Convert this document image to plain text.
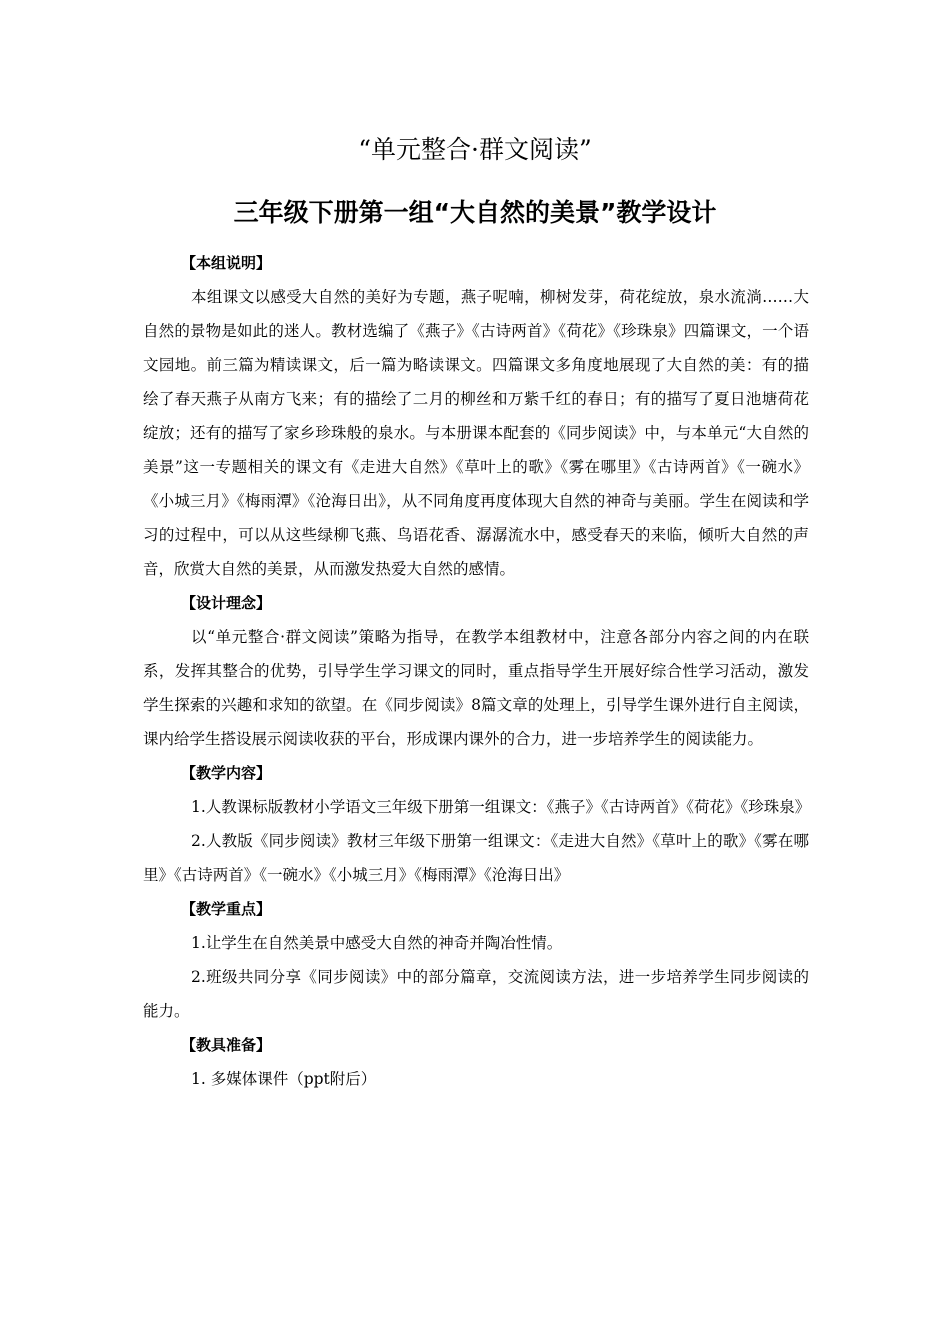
“单元整合·群文阅读”
三年级下册第一组“大自然的美景”教学设计

【本组说明】

本组课文以感受大自然的美好为专题，燕子呢喃，柳树发芽，荷花绽放，泉水流淌……大自然的景物是如此的迷人。教材选编了《燕子》《古诗两首》《荷花》《珍珠泉》四篇课文，一个语文园地。前三篇为精读课文，后一篇为略读课文。四篇课文多角度地展现了大自然的美：有的描绘了春天燕子从南方飞来；有的描绘了二月的柳丝和万紫千红的春日；有的描写了夏日池塘荷花绽放；还有的描写了家乡珍珠般的泉水。与本册课本配套的《同步阅读》中，与本单元“大自然的美景”这一专题相关的课文有《走进大自然》《草叶上的歌》《雾在哪里》《古诗两首》《一碗水》《小城三月》《梅雨潭》《沧海日出》，从不同角度再度体现大自然的神奇与美丽。学生在阅读和学习的过程中，可以从这些绿柳飞燕、鸟语花香、潺潺流水中，感受春天的来临，倾听大自然的声音，欣赏大自然的美景，从而激发热爱大自然的感情。

【设计理念】

以“单元整合·群文阅读”策略为指导，在教学本组教材中，注意各部分内容之间的内在联系，发挥其整合的优势，引导学生学习课文的同时，重点指导学生开展好综合性学习活动，激发学生探索的兴趣和求知的欲望。在《同步阅读》8篇文章的处理上，引导学生课外进行自主阅读，课内给学生搭设展示阅读收获的平台，形成课内课外的合力，进一步培养学生的阅读能力。

【教学内容】

1.人教课标版教材小学语文三年级下册第一组课文：《燕子》《古诗两首》《荷花》《珍珠泉》

2.人教版《同步阅读》教材三年级下册第一组课文：《走进大自然》《草叶上的歌》《雾在哪里》《古诗两首》《一碗水》《小城三月》《梅雨潭》《沧海日出》

【教学重点】

1.让学生在自然美景中感受大自然的神奇并陶冶性情。

2.班级共同分享《同步阅读》中的部分篇章，交流阅读方法，进一步培养学生同步阅读的能力。

【教具准备】

1. 多媒体课件（ppt附后）
